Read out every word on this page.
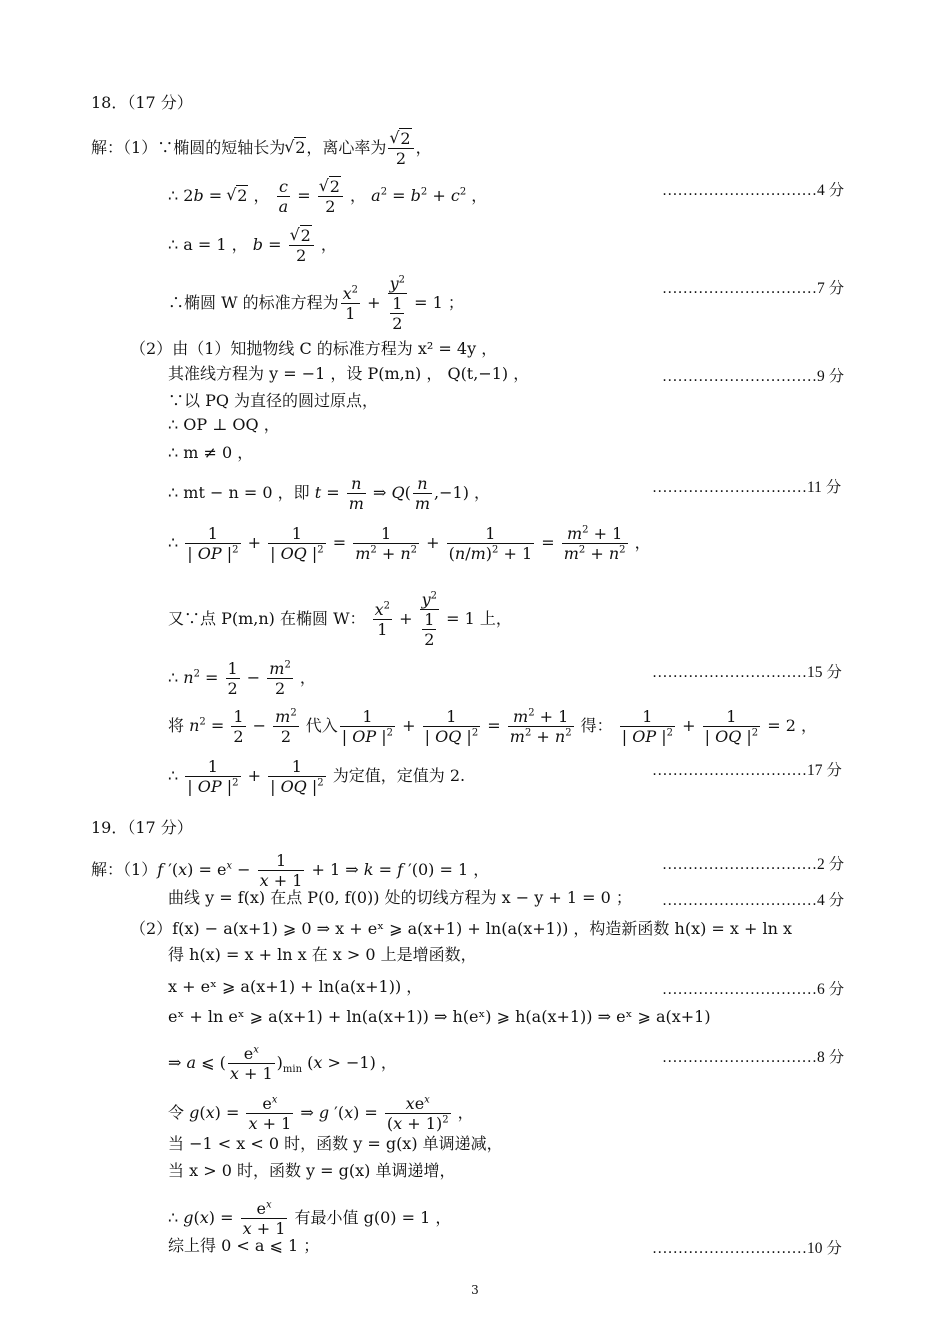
18．（17 分）
解：（1）∵椭圆的短轴长为 √ 2，离心率为 √ $\frac{2}{2}$ ，
∴ 2b = √ 2 ， $\frac{c}{a}$ = √ $\frac{2}{2}$ ， $a^2 = b^2 + c^2$ ，
∴ a = 1 ， b = √ $\frac{2}{2}$ ，
∴椭圆 W 的标准方程为 $\frac{x^2}{1} + \frac{y^2}{\frac{1}{2}} = 1$ ；
（2）由（1）知抛物线 C 的标准方程为 x² = 4y ，
其准线方程为 y = −1 ，设 P(m,n) ， Q(t,−1) ，
∵以 PQ 为直径的圆过原点，
∴ OP ⊥ OQ ，
∴ m ≠ 0 ，
∴ mt − n = 0 ，即 $t = \frac{n}{m}$ ⇒ $Q( \frac{n}{m} ,-1)$ ，
∴ $\frac{1}{| OP |^2} + \frac{1}{| OQ |^2} = \frac{1}{m^2 + n^2} + \frac{1}{(n/m)^2 + 1} = \frac{m^2 + 1}{m^2 + n^2}$ ，
又∵点 P(m,n) 在椭圆 W： $\frac{x^2}{1} + \frac{y^2}{\frac{1}{2}} = 1$ 上，
∴ $n^2 = \frac{1}{2} - \frac{m^2}{2}$ ，
将 $n^2 = \frac{1}{2} - \frac{m^2}{2}$ 代入 $\frac{1}{| OP |^2} + \frac{1}{| OQ |^2} = \frac{m^2 + 1}{m^2 + n^2}$ 得： $\frac{1}{| OP |^2} + \frac{1}{| OQ |^2} = 2$ ，
∴ $\frac{1}{| OP |^2} + \frac{1}{| OQ |^2}$ 为定值，定值为 2.
…………………………4 分
…………………………7 分
…………………………9 分
…………………………11 分
…………………………15 分
…………………………17 分
19．（17 分）
解：（1）f $'(x) = e^x - \frac{1}{x + 1} + 1$ ⇒ k = f ′(0) = 1 ，
曲线 y = f(x) 在点 P(0, f(0)) 处的切线方程为 x − y + 1 = 0 ；
（2）f(x) − a(x+1) ⩾ 0 ⇒ x + eˣ ⩾ a(x+1) + ln(a(x+1)) ，构造新函数 h(x) = x + ln x
得 h(x) = x + ln x 在 x > 0 上是增函数，
x + eˣ ⩾ a(x+1) + ln(a(x+1)) ，
eˣ + ln eˣ ⩾ a(x+1) + ln(a(x+1)) ⇒ h(eˣ) ⩾ h(a(x+1)) ⇒ eˣ ⩾ a(x+1)
⇒ a ⩽ ( $\frac{e^x}{x + 1} )_{min}$ (x > −1) ，
令 $g(x) = \frac{e^x}{x + 1}$ ⇒ g $'(x) = \frac{xe^x}{(x + 1)^2}$ ，
当 −1 < x < 0 时，函数 y = g(x) 单调递减，
当 x > 0 时，函数 y = g(x) 单调递增，
∴ $g(x) = \frac{e^x}{x + 1}$ 有最小值 g(0) = 1 ，
综上得 0 < a ⩽ 1 ；
…………………………2 分
…………………………4 分
…………………………6 分
…………………………8 分
…………………………10 分
3
